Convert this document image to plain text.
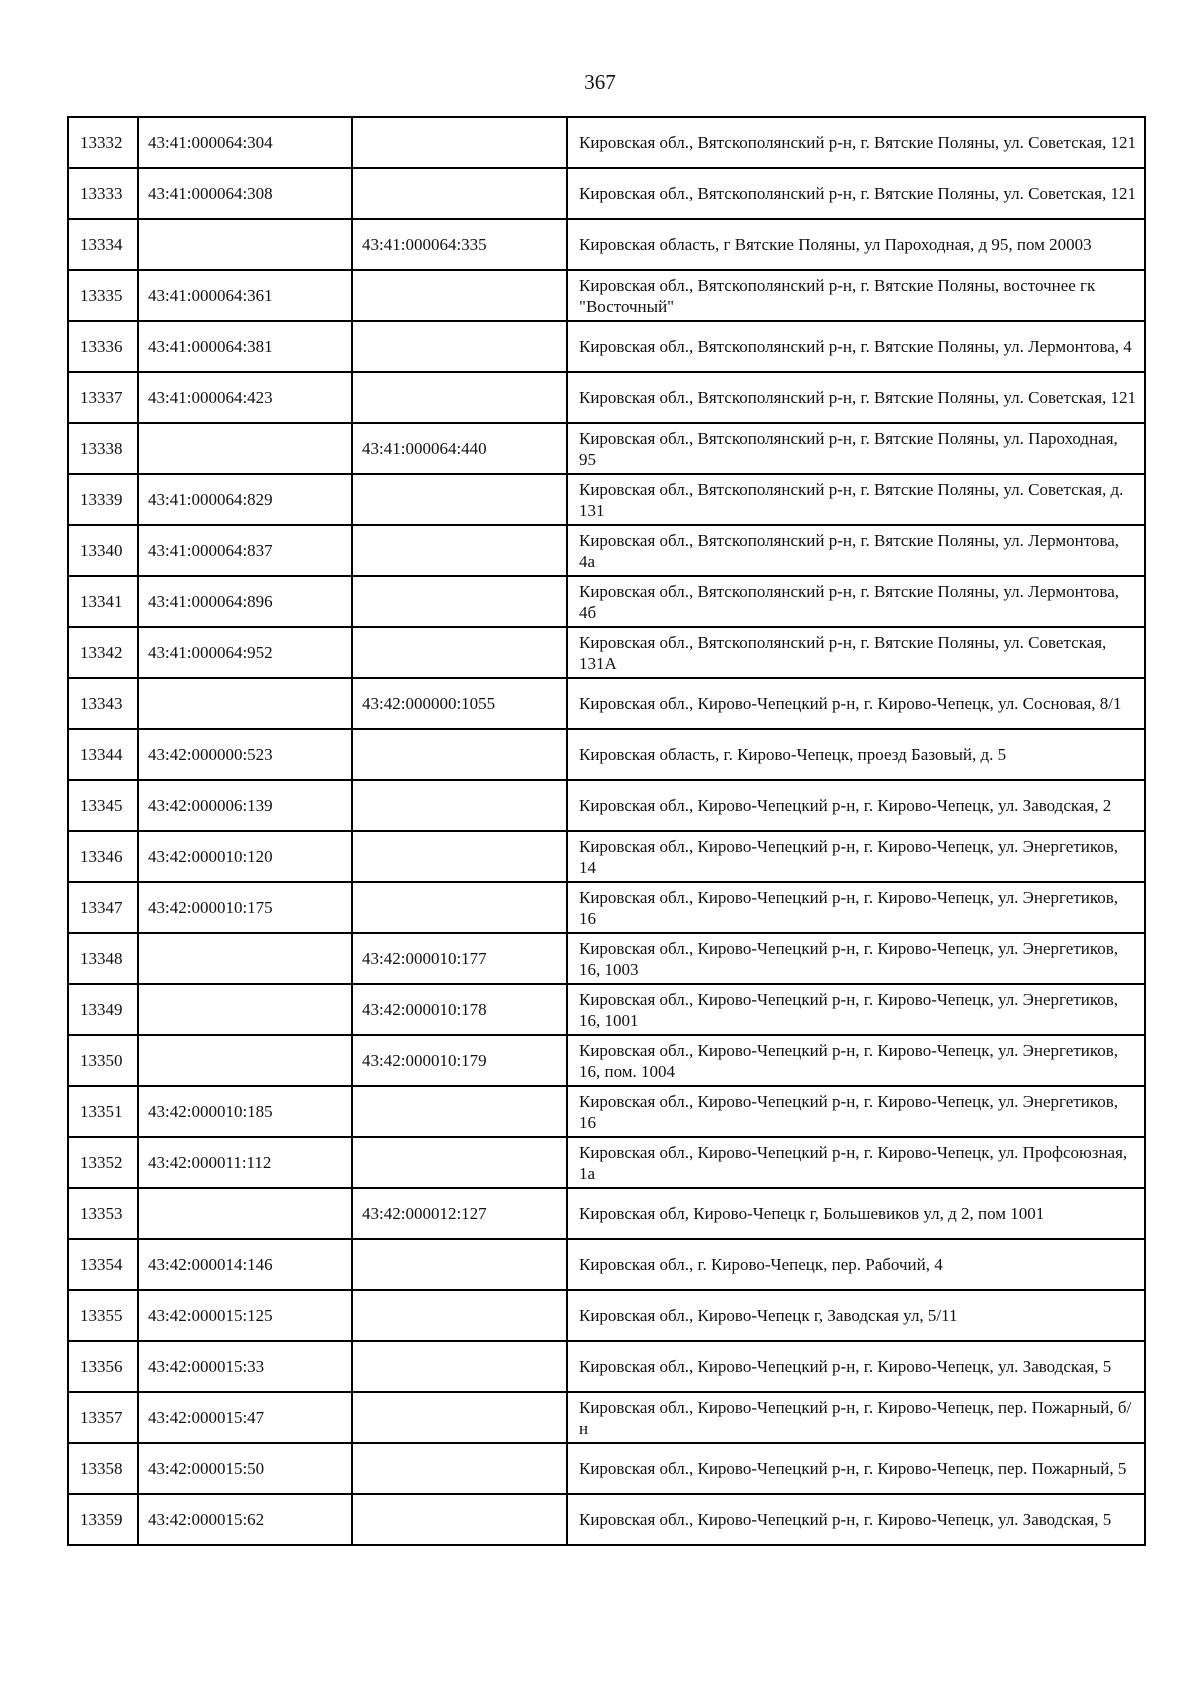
367
13332	43:41:000064:304		Кировская обл., Вятскополянский р-н, г. Вятские Поляны, ул. Советская, 121
13333	43:41:000064:308		Кировская обл., Вятскополянский р-н, г. Вятские Поляны, ул. Советская, 121
13334		43:41:000064:335	Кировская область, г Вятские Поляны, ул Пароходная, д 95, пом 20003
13335	43:41:000064:361		Кировская обл., Вятскополянский р-н, г. Вятские Поляны, восточнее гк "Восточный"
13336	43:41:000064:381		Кировская обл., Вятскополянский р-н, г. Вятские Поляны, ул. Лермонтова, 4
13337	43:41:000064:423		Кировская обл., Вятскополянский р-н, г. Вятские Поляны, ул. Советская, 121
13338		43:41:000064:440	Кировская обл., Вятскополянский р-н, г. Вятские Поляны, ул. Пароходная, 95
13339	43:41:000064:829		Кировская обл., Вятскополянский р-н, г. Вятские Поляны, ул. Советская, д. 131
13340	43:41:000064:837		Кировская обл., Вятскополянский р-н, г. Вятские Поляны, ул. Лермонтова, 4а
13341	43:41:000064:896		Кировская обл., Вятскополянский р-н, г. Вятские Поляны, ул. Лермонтова, 4б
13342	43:41:000064:952		Кировская обл., Вятскополянский р-н, г. Вятские Поляны, ул. Советская, 131А
13343		43:42:000000:1055	Кировская обл., Кирово-Чепецкий р-н, г. Кирово-Чепецк, ул. Сосновая, 8/1
13344	43:42:000000:523		Кировская область, г. Кирово-Чепецк, проезд Базовый, д. 5
13345	43:42:000006:139		Кировская обл., Кирово-Чепецкий р-н, г. Кирово-Чепецк, ул. Заводская, 2
13346	43:42:000010:120		Кировская обл., Кирово-Чепецкий р-н, г. Кирово-Чепецк, ул. Энергетиков, 14
13347	43:42:000010:175		Кировская обл., Кирово-Чепецкий р-н, г. Кирово-Чепецк, ул. Энергетиков, 16
13348		43:42:000010:177	Кировская обл., Кирово-Чепецкий р-н, г. Кирово-Чепецк, ул. Энергетиков, 16, 1003
13349		43:42:000010:178	Кировская обл., Кирово-Чепецкий р-н, г. Кирово-Чепецк, ул. Энергетиков, 16, 1001
13350		43:42:000010:179	Кировская обл., Кирово-Чепецкий р-н, г. Кирово-Чепецк, ул. Энергетиков, 16, пом. 1004
13351	43:42:000010:185		Кировская обл., Кирово-Чепецкий р-н, г. Кирово-Чепецк, ул. Энергетиков, 16
13352	43:42:000011:112		Кировская обл., Кирово-Чепецкий р-н, г. Кирово-Чепецк, ул. Профсоюзная, 1а
13353		43:42:000012:127	Кировская обл, Кирово-Чепецк г, Большевиков ул, д 2, пом 1001
13354	43:42:000014:146		Кировская обл., г. Кирово-Чепецк, пер. Рабочий, 4
13355	43:42:000015:125		Кировская обл., Кирово-Чепецк г, Заводская ул, 5/11
13356	43:42:000015:33		Кировская обл., Кирово-Чепецкий р-н, г. Кирово-Чепецк, ул. Заводская, 5
13357	43:42:000015:47		Кировская обл., Кирово-Чепецкий р-н, г. Кирово-Чепецк, пер. Пожарный, б/н
13358	43:42:000015:50		Кировская обл., Кирово-Чепецкий р-н, г. Кирово-Чепецк, пер. Пожарный, 5
13359	43:42:000015:62		Кировская обл., Кирово-Чепецкий р-н, г. Кирово-Чепецк, ул. Заводская, 5
